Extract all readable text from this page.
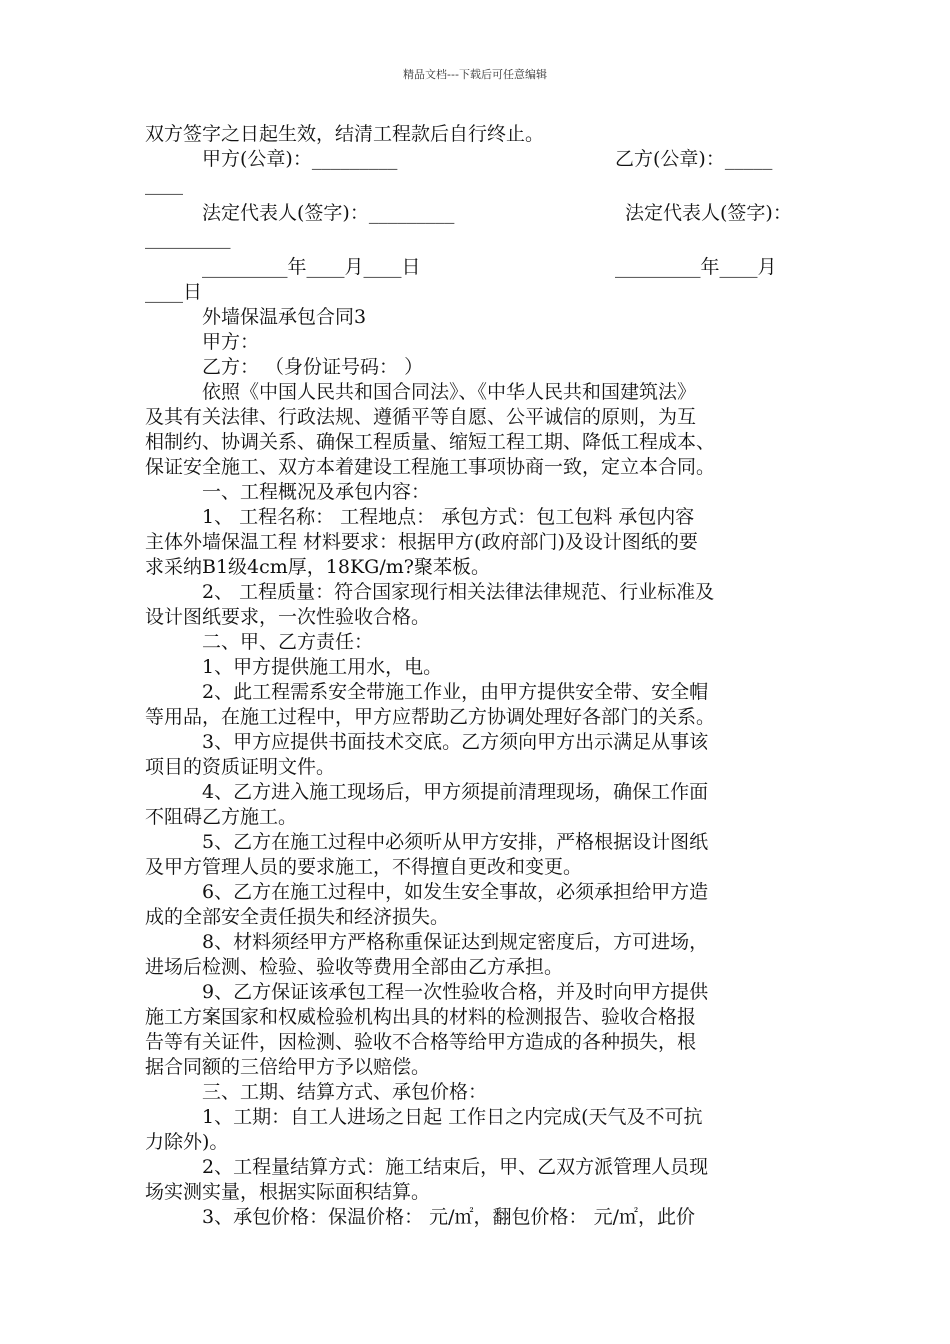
精品文档---下载后可任意编辑
双方签字之日起生效，结清工程款后自行终止。
甲方(公章)：_________	乙方(公章)：_____
____
法定代表人(签字)：_________	法定代表人(签字)：
_________
_________年____月____日	_________年____月
____日
外墙保温承包合同3
甲方：
乙方： （身份证号码： ）
依照《中国人民共和国合同法》、《中华人民共和国建筑法》
及其有关法律、行政法规、遵循平等自愿、公平诚信的原则，为互
相制约、协调关系、确保工程质量、缩短工程工期、降低工程成本、
保证安全施工、双方本着建设工程施工事项协商一致，定立本合同。
一、工程概况及承包内容：
1、 工程名称： 工程地点： 承包方式：包工包料 承包内容
主体外墙保温工程 材料要求：根据甲方(政府部门)及设计图纸的要
求采纳B1级4cm厚，18KG/m?聚苯板。
2、 工程质量：符合国家现行相关法律法律规范、行业标准及
设计图纸要求，一次性验收合格。
二、甲、乙方责任：
1、甲方提供施工用水，电。
2、此工程需系安全带施工作业，由甲方提供安全带、安全帽
等用品，在施工过程中，甲方应帮助乙方协调处理好各部门的关系。
3、甲方应提供书面技术交底。乙方须向甲方出示满足从事该
项目的资质证明文件。
4、乙方进入施工现场后，甲方须提前清理现场，确保工作面
不阻碍乙方施工。
5、乙方在施工过程中必须听从甲方安排，严格根据设计图纸
及甲方管理人员的要求施工，不得擅自更改和变更。
6、乙方在施工过程中，如发生安全事故，必须承担给甲方造
成的全部安全责任损失和经济损失。
8、材料须经甲方严格称重保证达到规定密度后，方可进场，
进场后检测、检验、验收等费用全部由乙方承担。
9、乙方保证该承包工程一次性验收合格，并及时向甲方提供
施工方案国家和权威检验机构出具的材料的检测报告、验收合格报
告等有关证件，因检测、验收不合格等给甲方造成的各种损失，根
据合同额的三倍给甲方予以赔偿。
三、工期、结算方式、承包价格：
1、工期：自工人进场之日起 工作日之内完成(天气及不可抗
力除外)。
2、工程量结算方式：施工结束后，甲、乙双方派管理人员现
场实测实量，根据实际面积结算。
3、承包价格：保温价格： 元/㎡，翻包价格： 元/㎡，此价
